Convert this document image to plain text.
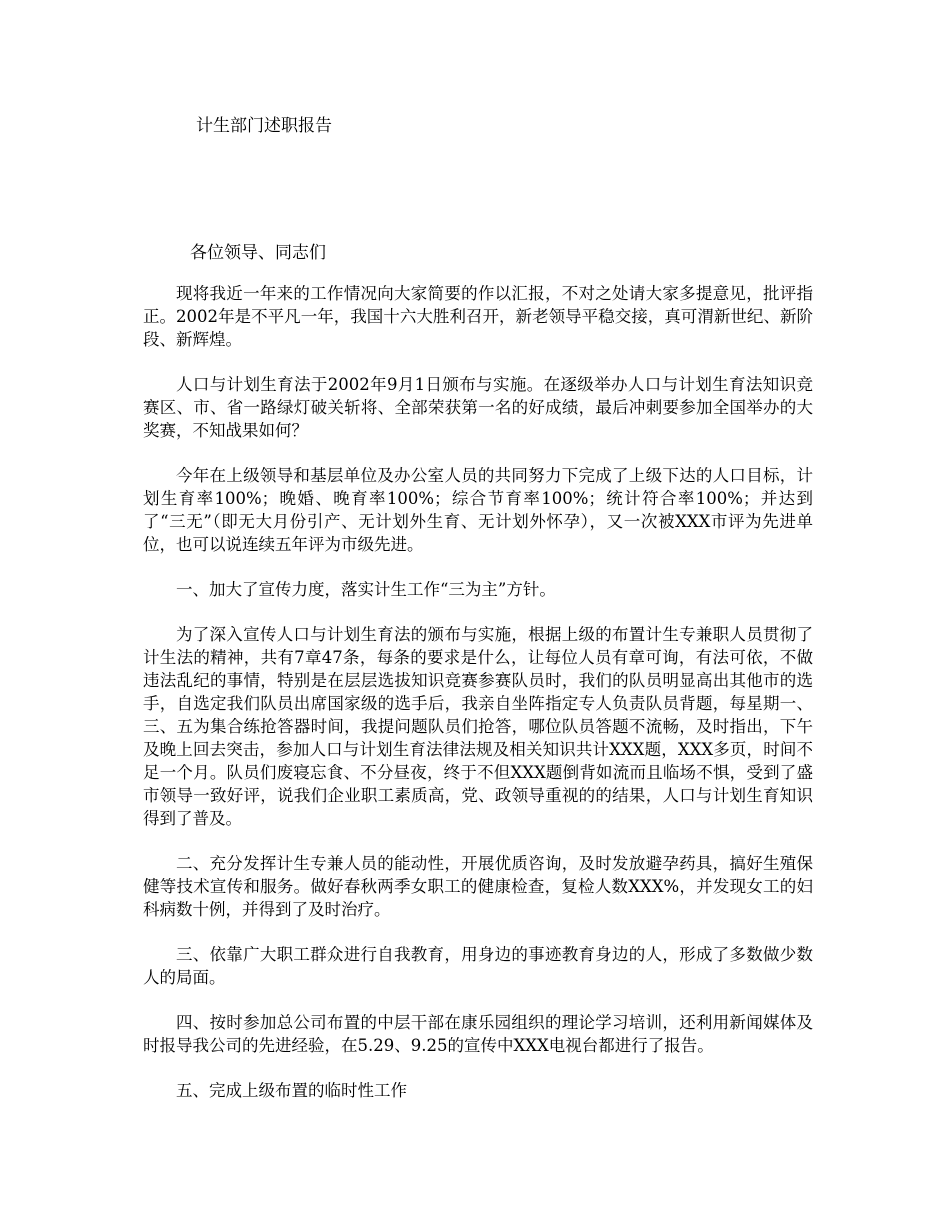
计生部门述职报告
各位领导、同志们

现将我近一年来的工作情况向大家简要的作以汇报，不对之处请大家多提意见，批评指正。2002年是不平凡一年，我国十六大胜利召开，新老领导平稳交接，真可渭新世纪、新阶段、新辉煌。

人口与计划生育法于2002年9月1日颁布与实施。在逐级举办人口与计划生育法知识竞赛区、市、省一路绿灯破关斩将、全部荣获第一名的好成绩，最后冲刺要参加全国举办的大奖赛，不知战果如何？

今年在上级领导和基层单位及办公室人员的共同努力下完成了上级下达的人口目标，计划生育率100%；晚婚、晚育率100%；综合节育率100%；统计符合率100%；并达到了“三无”（即无大月份引产、无计划外生育、无计划外怀孕），又一次被XXX市评为先进单位，也可以说连续五年评为市级先进。

一、加大了宣传力度，落实计生工作“三为主”方针。

为了深入宣传人口与计划生育法的颁布与实施，根据上级的布置计生专兼职人员贯彻了计生法的精神，共有7章47条，每条的要求是什么，让每位人员有章可询，有法可依，不做违法乱纪的事情，特别是在层层选拔知识竞赛参赛队员时，我们的队员明显高出其他市的选手，自选定我们队员出席国家级的选手后，我亲自坐阵指定专人负责队员背题，每星期一、三、五为集合练抢答器时间，我提问题队员们抢答，哪位队员答题不流畅，及时指出，下午及晚上回去突击，参加人口与计划生育法律法规及相关知识共计XXX题，XXX多页，时间不足一个月。队员们废寝忘食、不分昼夜，终于不但XXX题倒背如流而且临场不惧，受到了盛市领导一致好评，说我们企业职工素质高，党、政领导重视的的结果，人口与计划生育知识得到了普及。

二、充分发挥计生专兼人员的能动性，开展优质咨询，及时发放避孕药具，搞好生殖保健等技术宣传和服务。做好春秋两季女职工的健康检查，复检人数XXX%，并发现女工的妇科病数十例，并得到了及时治疗。

三、依靠广大职工群众进行自我教育，用身边的事迹教育身边的人，形成了多数做少数人的局面。

四、按时参加总公司布置的中层干部在康乐园组织的理论学习培训，还利用新闻媒体及时报导我公司的先进经验，在5.29、9.25的宣传中XXX电视台都进行了报告。

五、完成上级布置的临时性工作
